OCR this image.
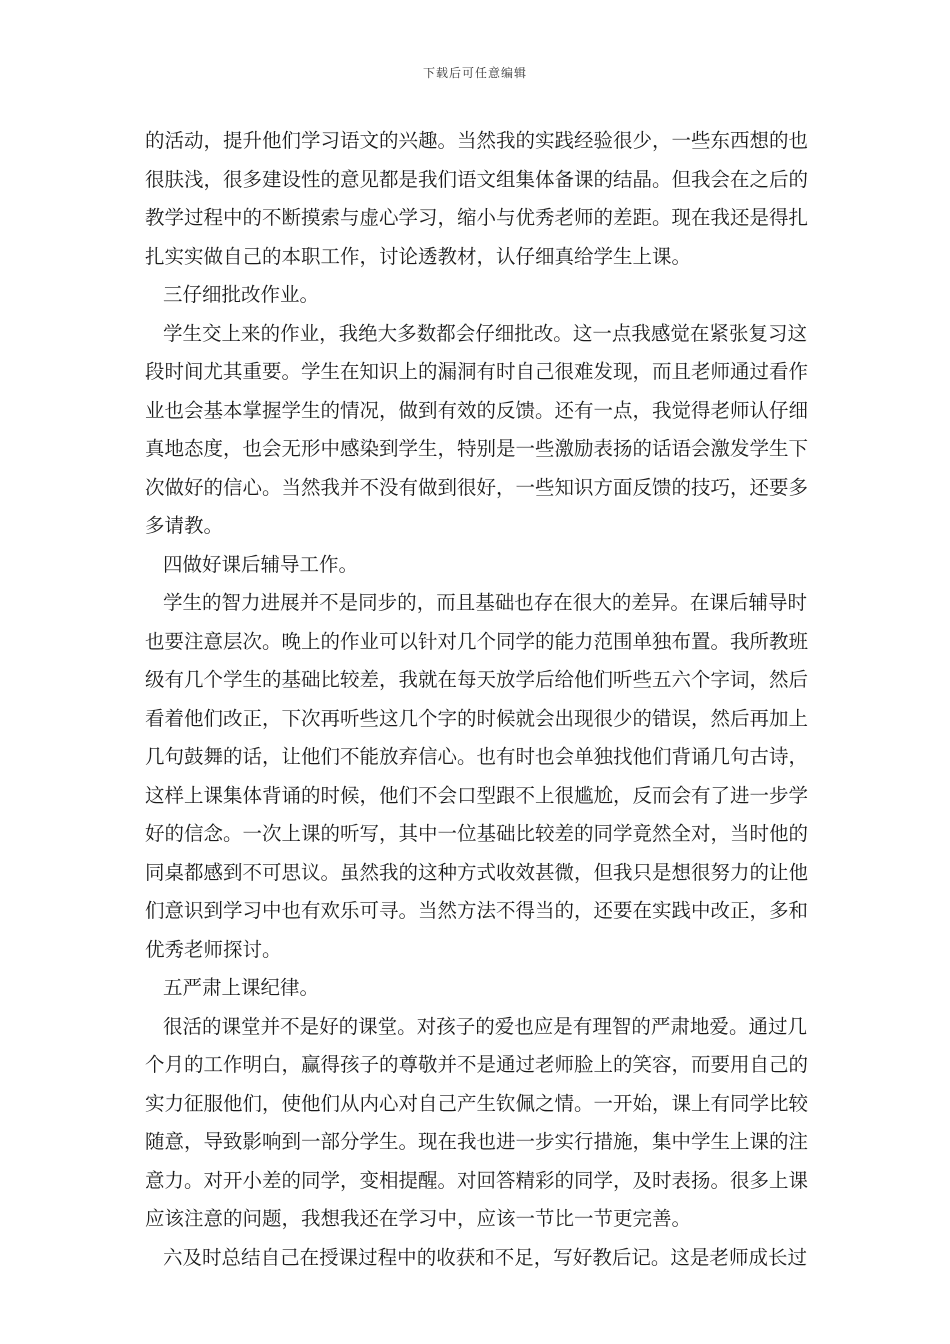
下载后可任意编辑
的活动，提升他们学习语文的兴趣。当然我的实践经验很少，一些东西想的也
很肤浅，很多建设性的意见都是我们语文组集体备课的结晶。但我会在之后的
教学过程中的不断摸索与虚心学习，缩小与优秀老师的差距。现在我还是得扎
扎实实做自己的本职工作，讨论透教材，认仔细真给学生上课。
三仔细批改作业。
学生交上来的作业，我绝大多数都会仔细批改。这一点我感觉在紧张复习这
段时间尤其重要。学生在知识上的漏洞有时自己很难发现，而且老师通过看作
业也会基本掌握学生的情况，做到有效的反馈。还有一点，我觉得老师认仔细
真地态度，也会无形中感染到学生，特别是一些激励表扬的话语会激发学生下
次做好的信心。当然我并不没有做到很好，一些知识方面反馈的技巧，还要多
多请教。
四做好课后辅导工作。
学生的智力进展并不是同步的，而且基础也存在很大的差异。在课后辅导时
也要注意层次。晚上的作业可以针对几个同学的能力范围单独布置。我所教班
级有几个学生的基础比较差，我就在每天放学后给他们听些五六个字词，然后
看着他们改正，下次再听些这几个字的时候就会出现很少的错误，然后再加上
几句鼓舞的话，让他们不能放弃信心。也有时也会单独找他们背诵几句古诗，
这样上课集体背诵的时候，他们不会口型跟不上很尴尬，反而会有了进一步学
好的信念。一次上课的听写，其中一位基础比较差的同学竟然全对，当时他的
同桌都感到不可思议。虽然我的这种方式收效甚微，但我只是想很努力的让他
们意识到学习中也有欢乐可寻。当然方法不得当的，还要在实践中改正，多和
优秀老师探讨。
五严肃上课纪律。
很活的课堂并不是好的课堂。对孩子的爱也应是有理智的严肃地爱。通过几
个月的工作明白，赢得孩子的尊敬并不是通过老师脸上的笑容，而要用自己的
实力征服他们，使他们从内心对自己产生钦佩之情。一开始，课上有同学比较
随意，导致影响到一部分学生。现在我也进一步实行措施，集中学生上课的注
意力。对开小差的同学，变相提醒。对回答精彩的同学，及时表扬。很多上课
应该注意的问题，我想我还在学习中，应该一节比一节更完善。
六及时总结自己在授课过程中的收获和不足，写好教后记。这是老师成长过
